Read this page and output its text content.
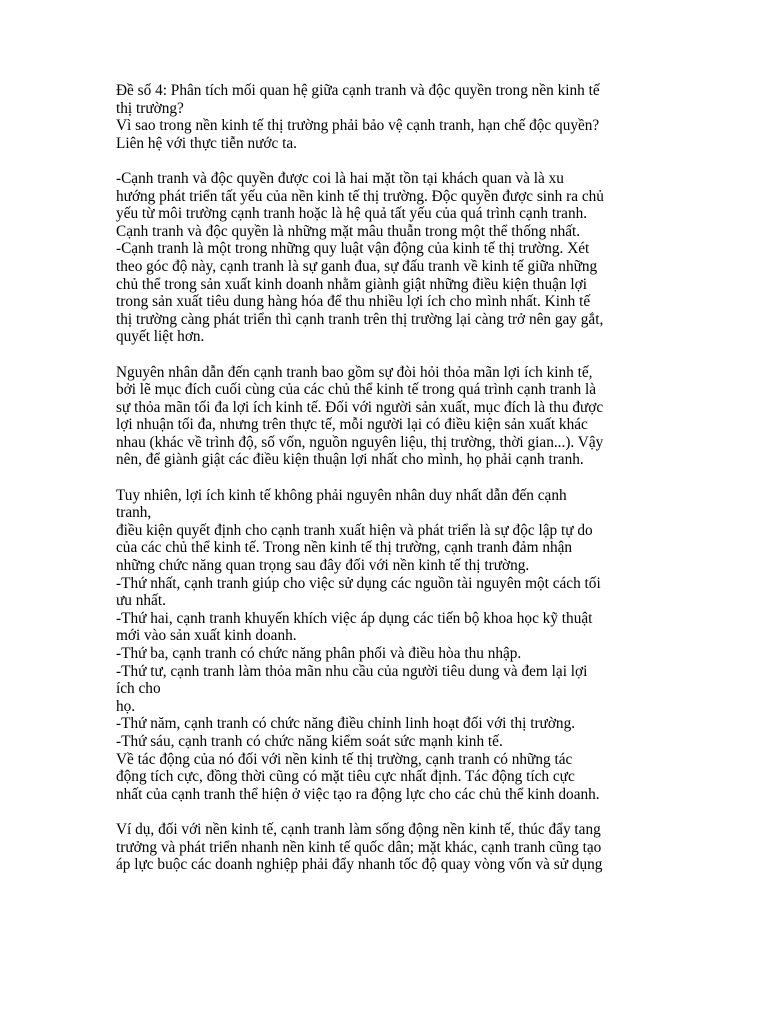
Đề số 4: Phân tích mối quan hệ giữa cạnh tranh và độc quyền trong nền kinh tế
thị trường?
Vì sao trong nền kinh tế thị trường phải bảo vệ cạnh tranh, hạn chế độc quyền?
Liên hệ với thực tiễn nước ta.
-Cạnh tranh và độc quyền được coi là hai mặt tồn tại khách quan và là xu
hướng phát triển tất yếu của nền kinh tế thị trường. Độc quyền được sinh ra chủ
yếu từ môi trường cạnh tranh hoặc là hệ quả tất yếu của quá trình cạnh tranh.
Cạnh tranh và độc quyền là những mặt mâu thuẫn trong một thể thống nhất.
-Cạnh tranh là một trong những quy luật vận động của kinh tế thị trường. Xét
theo góc độ này, cạnh tranh là sự ganh đua, sự đấu tranh về kinh tế giữa những
chủ thể trong sản xuất kinh doanh nhằm giành giật những điều kiện thuận lợi
trong sản xuất tiêu dung hàng hóa để thu nhiều lợi ích cho mình nhất. Kinh tế
thị trường càng phát triển thì cạnh tranh trên thị trường lại càng trở nên gay gắt,
quyết liệt hơn.
Nguyên nhân dẫn đến cạnh tranh bao gồm sự đòi hỏi thỏa mãn lợi ích kinh tế,
bởi lẽ mục đích cuối cùng của các chủ thể kinh tế trong quá trình cạnh tranh là
sự thỏa mãn tối đa lợi ích kinh tế. Đối với người sản xuất, mục đích là thu được
lợi nhuận tối đa, nhưng trên thực tế, mỗi người lại có điều kiện sản xuất khác
nhau (khác về trình độ, số vốn, nguồn nguyên liệu, thị trường, thời gian...). Vậy
nên, để giành giật các điều kiện thuận lợi nhất cho mình, họ phải cạnh tranh.
Tuy nhiên, lợi ích kinh tế không phải nguyên nhân duy nhất dẫn đến cạnh
tranh,
điều kiện quyết định cho cạnh tranh xuất hiện và phát triển là sự độc lập tự do
của các chủ thể kinh tế. Trong nền kinh tế thị trường, cạnh tranh đảm nhận
những chức năng quan trọng sau đây đối với nền kinh tế thị trường.
-Thứ nhất, cạnh tranh giúp cho việc sử dụng các nguồn tài nguyên một cách tối
ưu nhất.
-Thứ hai, cạnh tranh khuyến khích việc áp dụng các tiến bộ khoa học kỹ thuật
mới vào sản xuất kinh doanh.
-Thứ ba, cạnh tranh có chức năng phân phối và điều hòa thu nhập.
-Thứ tư, cạnh tranh làm thỏa mãn nhu cầu của người tiêu dung và đem lại lợi
ích cho
họ.
-Thứ năm, cạnh tranh có chức năng điều chỉnh linh hoạt đối với thị trường.
-Thứ sáu, cạnh tranh có chức năng kiểm soát sức mạnh kinh tế.
Về tác động của nó đối với nền kinh tế thị trường, cạnh tranh có những tác
động tích cực, đồng thời cũng có mặt tiêu cực nhất định. Tác động tích cực
nhất của cạnh tranh thể hiện ở việc tạo ra động lực cho các chủ thể kinh doanh.
Ví dụ, đối với nền kinh tế, cạnh tranh làm sống động nền kinh tế, thúc đẩy tang
trưởng và phát triển nhanh nền kinh tế quốc dân; mặt khác, cạnh tranh cũng tạo
áp lực buộc các doanh nghiệp phải đẩy nhanh tốc độ quay vòng vốn và sử dụng
